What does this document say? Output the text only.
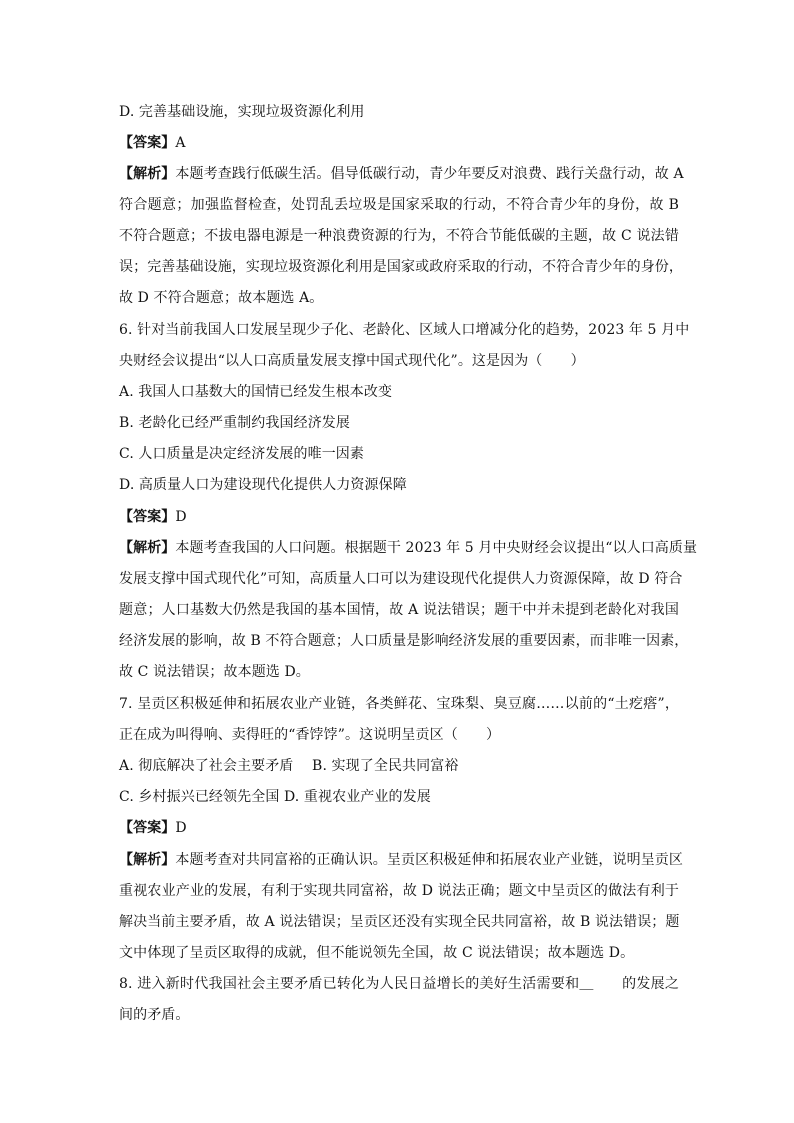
D. 完善基础设施，实现垃圾资源化利用
【答案】A
【解析】本题考查践行低碳生活。倡导低碳行动，青少年要反对浪费、践行关盘行动，故 A
符合题意；加强监督检查，处罚乱丢垃圾是国家采取的行动，不符合青少年的身份，故 B
不符合题意；不拔电器电源是一种浪费资源的行为，不符合节能低碳的主题，故 C 说法错
误；完善基础设施，实现垃圾资源化利用是国家或政府采取的行动，不符合青少年的身份，
故 D 不符合题意；故本题选 A。
6. 针对当前我国人口发展呈现少子化、老龄化、区域人口增减分化的趋势，2023 年 5 月中
央财经会议提出“以人口高质量发展支撑中国式现代化”。这是因为（　　）
A. 我国人口基数大的国情已经发生根本改变
B. 老龄化已经严重制约我国经济发展
C. 人口质量是决定经济发展的唯一因素
D. 高质量人口为建设现代化提供人力资源保障
【答案】D
【解析】本题考查我国的人口问题。根据题干 2023 年 5 月中央财经会议提出“以人口高质量
发展支撑中国式现代化”可知，高质量人口可以为建设现代化提供人力资源保障，故 D 符合
题意；人口基数大仍然是我国的基本国情，故 A 说法错误；题干中并未提到老龄化对我国
经济发展的影响，故 B 不符合题意；人口质量是影响经济发展的重要因素，而非唯一因素，
故 C 说法错误；故本题选 D。
7. 呈贡区积极延伸和拓展农业产业链，各类鲜花、宝珠梨、臭豆腐……以前的“土疙瘩”，
正在成为叫得响、卖得旺的“香饽饽”。这说明呈贡区（　　）
A. 彻底解决了社会主要矛盾　 B. 实现了全民共同富裕
C. 乡村振兴已经领先全国 D. 重视农业产业的发展
【答案】D
【解析】本题考查对共同富裕的正确认识。呈贡区积极延伸和拓展农业产业链，说明呈贡区
重视农业产业的发展，有利于实现共同富裕，故 D 说法正确；题文中呈贡区的做法有利于
解决当前主要矛盾，故 A 说法错误；呈贡区还没有实现全民共同富裕，故 B 说法错误；题
文中体现了呈贡区取得的成就，但不能说领先全国，故 C 说法错误；故本题选 D。
8. 进入新时代我国社会主要矛盾已转化为人民日益增长的美好生活需要和＿　　的发展之
间的矛盾。
